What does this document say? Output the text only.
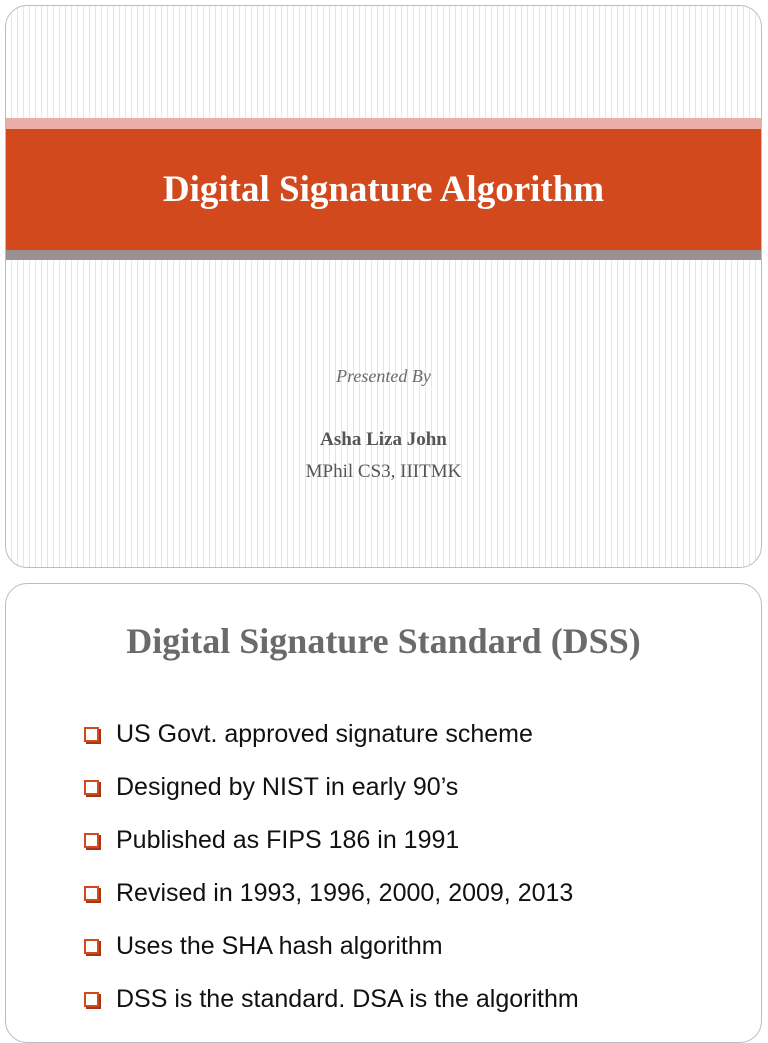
Digital Signature Algorithm
Presented By
Asha Liza John
MPhil CS3, IIITMK
Digital Signature Standard (DSS)
US Govt. approved signature scheme
Designed by NIST in early 90’s
Published as FIPS 186 in 1991
Revised in 1993, 1996, 2000, 2009, 2013
Uses the SHA hash algorithm
DSS is the standard. DSA is the algorithm
